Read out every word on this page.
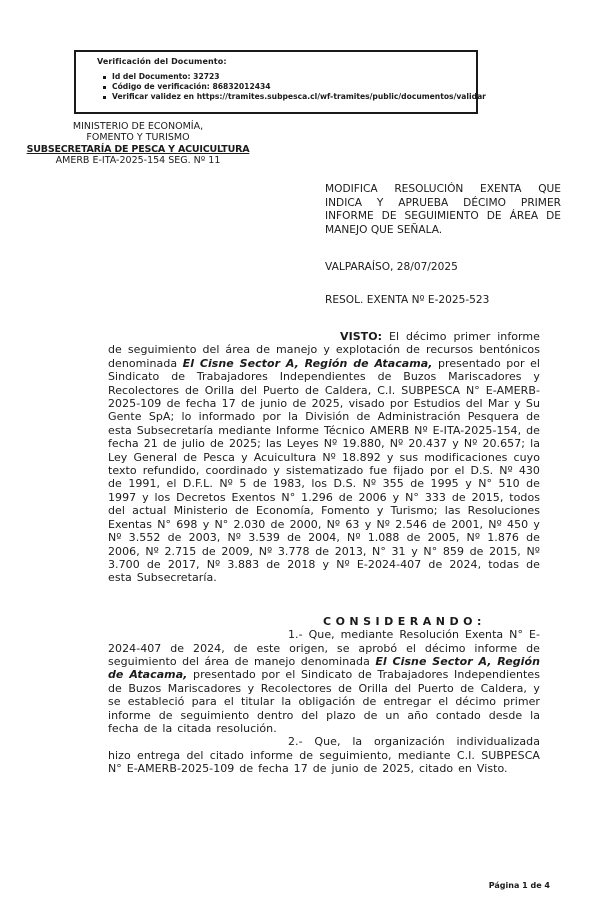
Verificación del Documento:
Id del Documento: 32723
Código de verificación: 86832012434
Verificar validez en https://tramites.subpesca.cl/wf-tramites/public/documentos/validar
MINISTERIO DE ECONOMÍA,
FOMENTO Y TURISMO
SUBSECRETARÍA DE PESCA Y ACUICULTURA
AMERB E-ITA-2025-154 SEG. Nº 11
MODIFICA RESOLUCIÓN EXENTA QUE INDICA Y APRUEBA DÉCIMO PRIMER INFORME DE SEGUIMIENTO DE ÁREA DE MANEJO QUE SEÑALA.
VALPARAÍSO, 28/07/2025
RESOL. EXENTA Nº E-2025-523

VISTO: El décimo primer informe de seguimiento del área de manejo y explotación de recursos bentónicos denominada El Cisne Sector A, Región de Atacama, presentado por el Sindicato de Trabajadores Independientes de Buzos Mariscadores y Recolectores de Orilla del Puerto de Caldera, C.I. SUBPESCA N° E-AMERB-2025-109 de fecha 17 de junio de 2025, visado por Estudios del Mar y Su Gente SpA; lo informado por la División de Administración Pesquera de esta Subsecretaría mediante Informe Técnico AMERB Nº E-ITA-2025-154, de fecha 21 de julio de 2025; las Leyes Nº 19.880, Nº 20.437 y Nº 20.657; la Ley General de Pesca y Acuicultura Nº 18.892 y sus modificaciones cuyo texto refundido, coordinado y sistematizado fue fijado por el D.S. Nº 430 de 1991, el D.F.L. Nº 5 de 1983, los D.S. Nº 355 de 1995 y N° 510 de 1997 y los Decretos Exentos N° 1.296 de 2006 y N° 333 de 2015, todos del actual Ministerio de Economía, Fomento y Turismo; las Resoluciones Exentas N° 698 y N° 2.030 de 2000, Nº 63 y Nº 2.546 de 2001, Nº 450 y Nº 3.552 de 2003, Nº 3.539 de 2004, Nº 1.088 de 2005, Nº 1.876 de 2006, Nº 2.715 de 2009, Nº 3.778 de 2013, N° 31 y N° 859 de 2015, Nº 3.700 de 2017, Nº 3.883 de 2018 y Nº E-2024-407 de 2024, todas de esta Subsecretaría.

CONSIDERANDO:

1.- Que, mediante Resolución Exenta N° E-2024-407 de 2024, de este origen, se aprobó el décimo informe de seguimiento del área de manejo denominada El Cisne Sector A, Región de Atacama, presentado por el Sindicato de Trabajadores Independientes de Buzos Mariscadores y Recolectores de Orilla del Puerto de Caldera, y se estableció para el titular la obligación de entregar el décimo primer informe de seguimiento dentro del plazo de un año contado desde la fecha de la citada resolución.

2.- Que, la organización individualizada hizo entrega del citado informe de seguimiento, mediante C.I. SUBPESCA N° E-AMERB-2025-109 de fecha 17 de junio de 2025, citado en Visto.

Página 1 de 4
